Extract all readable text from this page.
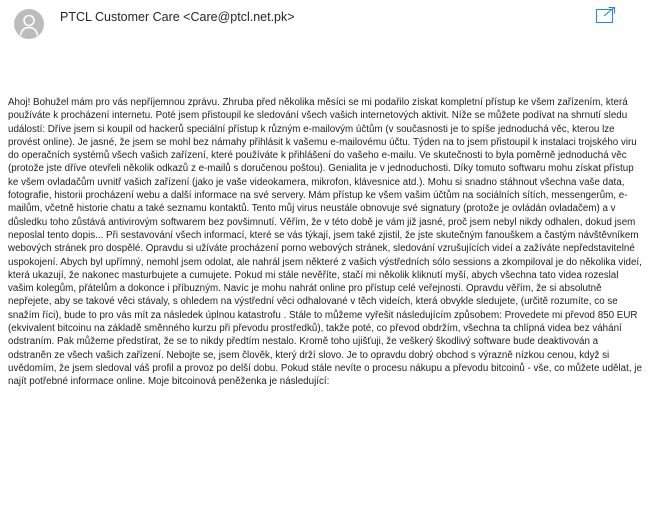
PTCL Customer Care <Care@ptcl.net.pk>

Ahoj! Bohužel mám pro vás nepříjemnou zprávu. Zhruba před několika měsíci se mi podařilo získat kompletní přístup ke všem zařízením, která používáte k procházení internetu. Poté jsem přistoupil ke sledování všech vašich internetových aktivit. Níže se můžete podívat na shrnutí sledu událostí: Dříve jsem si koupil od hackerů speciální přístup k různým e-mailovým účtům (v současnosti je to spíše jednoduchá věc, kterou lze provést online). Je jasné, že jsem se mohl bez námahy přihlásit k vašemu e-mailovému účtu. Týden na to jsem přistoupil k instalaci trojského viru do operačních systémů všech vašich zařízení, které používáte k přihlášení do vašeho e-mailu. Ve skutečnosti to byla poměrně jednoduchá věc (protože jste dříve otevřeli několik odkazů z e-mailů s doručenou poštou). Genialita je v jednoduchosti. Díky tomuto softwaru mohu získat přístup ke všem ovladačům uvnitř vašich zařízení (jako je vaše videokamera, mikrofon, klávesnice atd.). Mohu si snadno stáhnout všechna vaše data, fotografie, historii procházení webu a další informace na své servery. Mám přístup ke všem vašim účtům na sociálních sítích, messengerům, e-mailům, včetně historie chatu a také seznamu kontaktů. Tento můj virus neustále obnovuje své signatury (protože je ovládán ovladačem) a v důsledku toho zůstává antivirovým softwarem bez povšimnutí. Věřím, že v této době je vám již jasné, proč jsem nebyl nikdy odhalen, dokud jsem neposlal tento dopis... Při sestavování všech informací, které se vás týkají, jsem také zjistil, že jste skutečným fanouškem a častým návštěvníkem webových stránek pro dospělé. Opravdu si užíváte procházení porno webových stránek, sledování vzrušujících videí a zažíváte nepředstavitelné uspokojení. Abych byl upřímný, nemohl jsem odolat, ale nahrál jsem některé z vašich výstředních sólo sessions a zkompiloval je do několika videí, která ukazují, že nakonec masturbujete a cumujete. Pokud mi stále nevěříte, stačí mi několik kliknutí myší, abych všechna tato videa rozeslal vašim kolegům, přátelům a dokonce i příbuzným. Navíc je mohu nahrát online pro přístup celé veřejnosti. Opravdu věřím, že si absolutně nepřejete, aby se takové věci stávaly, s ohledem na výstřední věci odhalované v těch videích, která obvykle sledujete, (určitě rozumíte, co se snažím říci), bude to pro vás mít za následek úplnou katastrofu . Stále to můžeme vyřešit následujícím způsobem: Provedete mi převod 850 EUR (ekvivalent bitcoinu na základě směnného kurzu při převodu prostředků), takže poté, co převod obdržím, všechna ta chlípná videa bez váhání odstraním. Pak můžeme předstírat, že se to nikdy předtím nestalo. Kromě toho ujišťuji, že veškerý škodlivý software bude deaktivován a odstraněn ze všech vašich zařízení. Nebojte se, jsem člověk, který drží slovo. Je to opravdu dobrý obchod s výrazně nízkou cenou, když si uvědomím, že jsem sledoval váš profil a provoz po delší dobu. Pokud stále nevíte o procesu nákupu a převodu bitcoinů - vše, co můžete udělat, je najít potřebné informace online. Moje bitcoinová peněženka je následující:
